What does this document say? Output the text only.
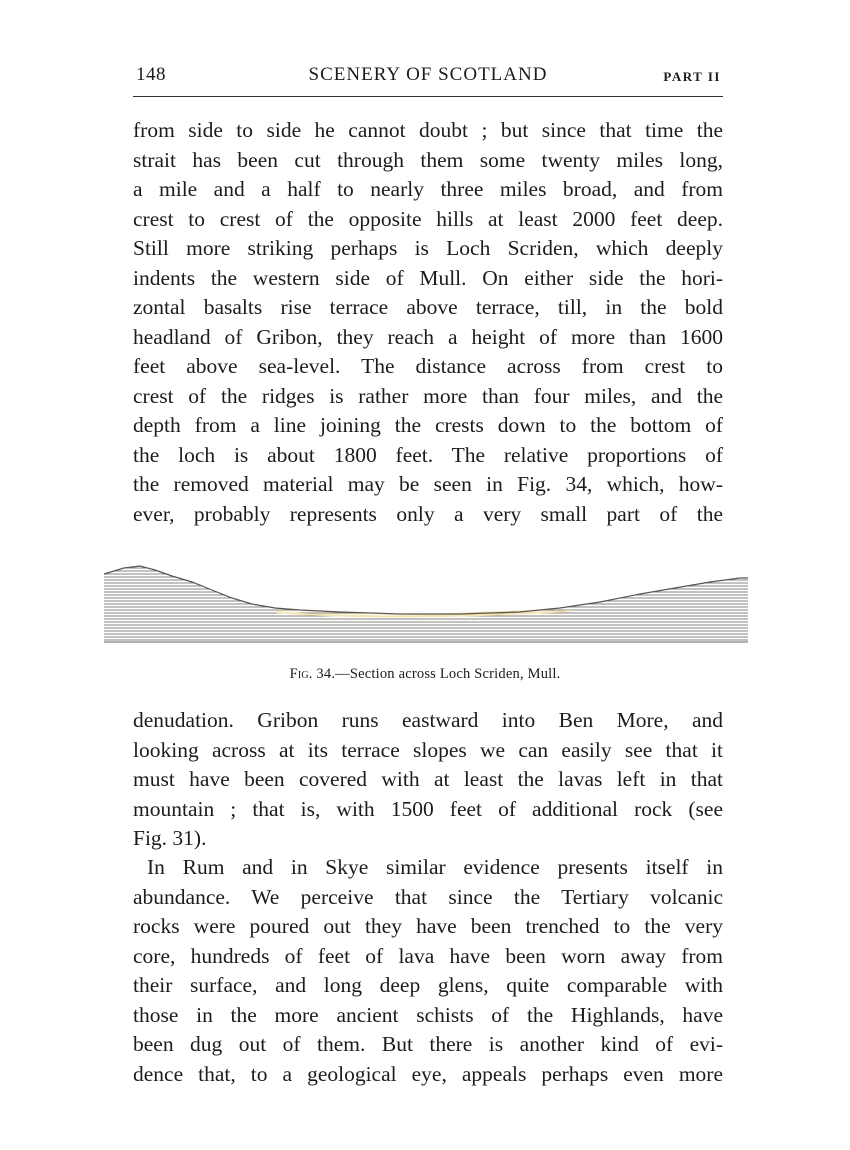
148	SCENERY OF SCOTLAND	PART II
from side to side he cannot doubt ; but since that time the
strait has been cut through them some twenty miles long,
a mile and a half to nearly three miles broad, and from
crest to crest of the opposite hills at least 2000 feet deep.
Still more striking perhaps is Loch Scriden, which deeply
indents the western side of Mull. On either side the hori-
zontal basalts rise terrace above terrace, till, in the bold
headland of Gribon, they reach a height of more than 1600
feet above sea-level. The distance across from crest to
crest of the ridges is rather more than four miles, and the
depth from a line joining the crests down to the bottom of
the loch is about 1800 feet. The relative proportions of
the removed material may be seen in Fig. 34, which, how-
ever, probably represents only a very small part of the
Fig. 34.—Section across Loch Scriden, Mull.
denudation. Gribon runs eastward into Ben More, and
looking across at its terrace slopes we can easily see that it
must have been covered with at least the lavas left in that
mountain ; that is, with 1500 feet of additional rock (see
Fig. 31).
In Rum and in Skye similar evidence presents itself in
abundance. We perceive that since the Tertiary volcanic
rocks were poured out they have been trenched to the very
core, hundreds of feet of lava have been worn away from
their surface, and long deep glens, quite comparable with
those in the more ancient schists of the Highlands, have
been dug out of them. But there is another kind of evi-
dence that, to a geological eye, appeals perhaps even more
